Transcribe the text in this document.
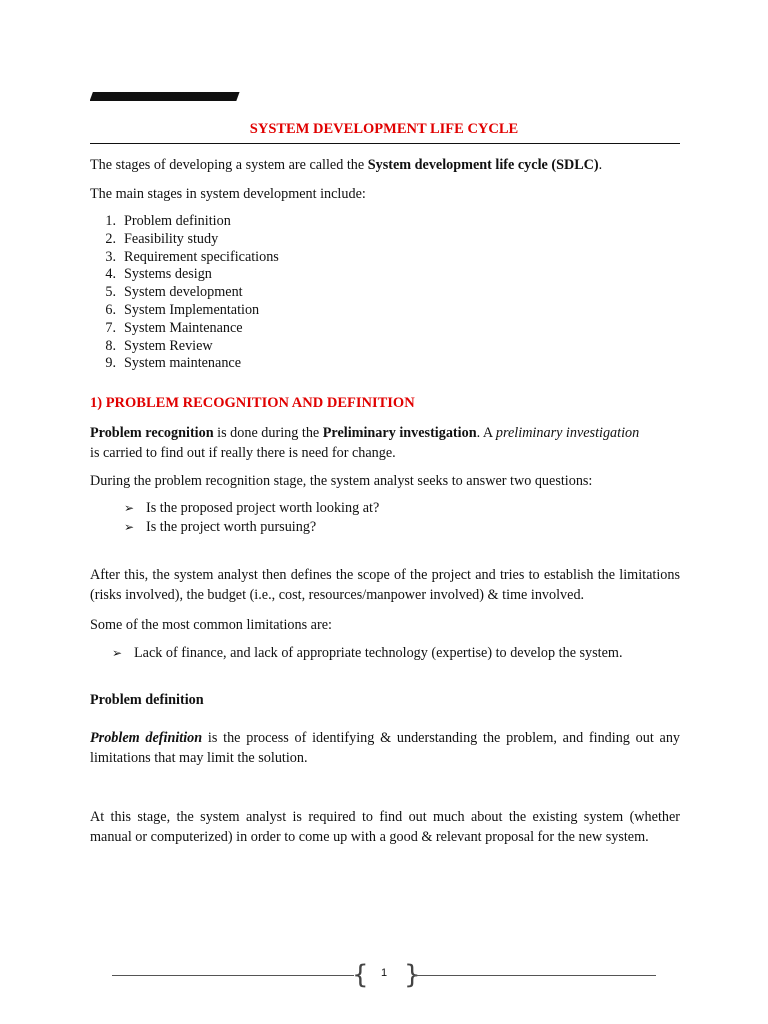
/////////////////////////////////////////////////////////////////////////////////////////////////////////////////////////////////////////////////////////////////////////////
SYSTEM DEVELOPMENT LIFE CYCLE

The stages of developing a system are called the System development life cycle (SDLC).

The main stages in system development include:

1. Problem definition
2. Feasibility study
3. Requirement specifications
4. Systems design
5. System development
6. System Implementation
7. System Maintenance
8. System Review
9. System maintenance
1) PROBLEM RECOGNITION AND DEFINITION

Problem recognition is done during the Preliminary investigation. A preliminary investigation
is carried to find out if really there is need for change.

During the problem recognition stage, the system analyst seeks to answer two questions:

➢ Is the proposed project worth looking at?
➢ Is the project worth pursuing?

After this, the system analyst then defines the scope of the project and tries to establish the limitations (risks involved), the budget (i.e., cost, resources/manpower involved) & time involved.

Some of the most common limitations are:

➢ Lack of finance, and lack of appropriate technology (expertise) to develop the system.
Problem definition

Problem definition is the process of identifying & understanding the problem, and finding out any limitations that may limit the solution.

At this stage, the system analyst is required to find out much about the existing system (whether manual or computerized) in order to come up with a good & relevant proposal for the new system.

{	1 }
